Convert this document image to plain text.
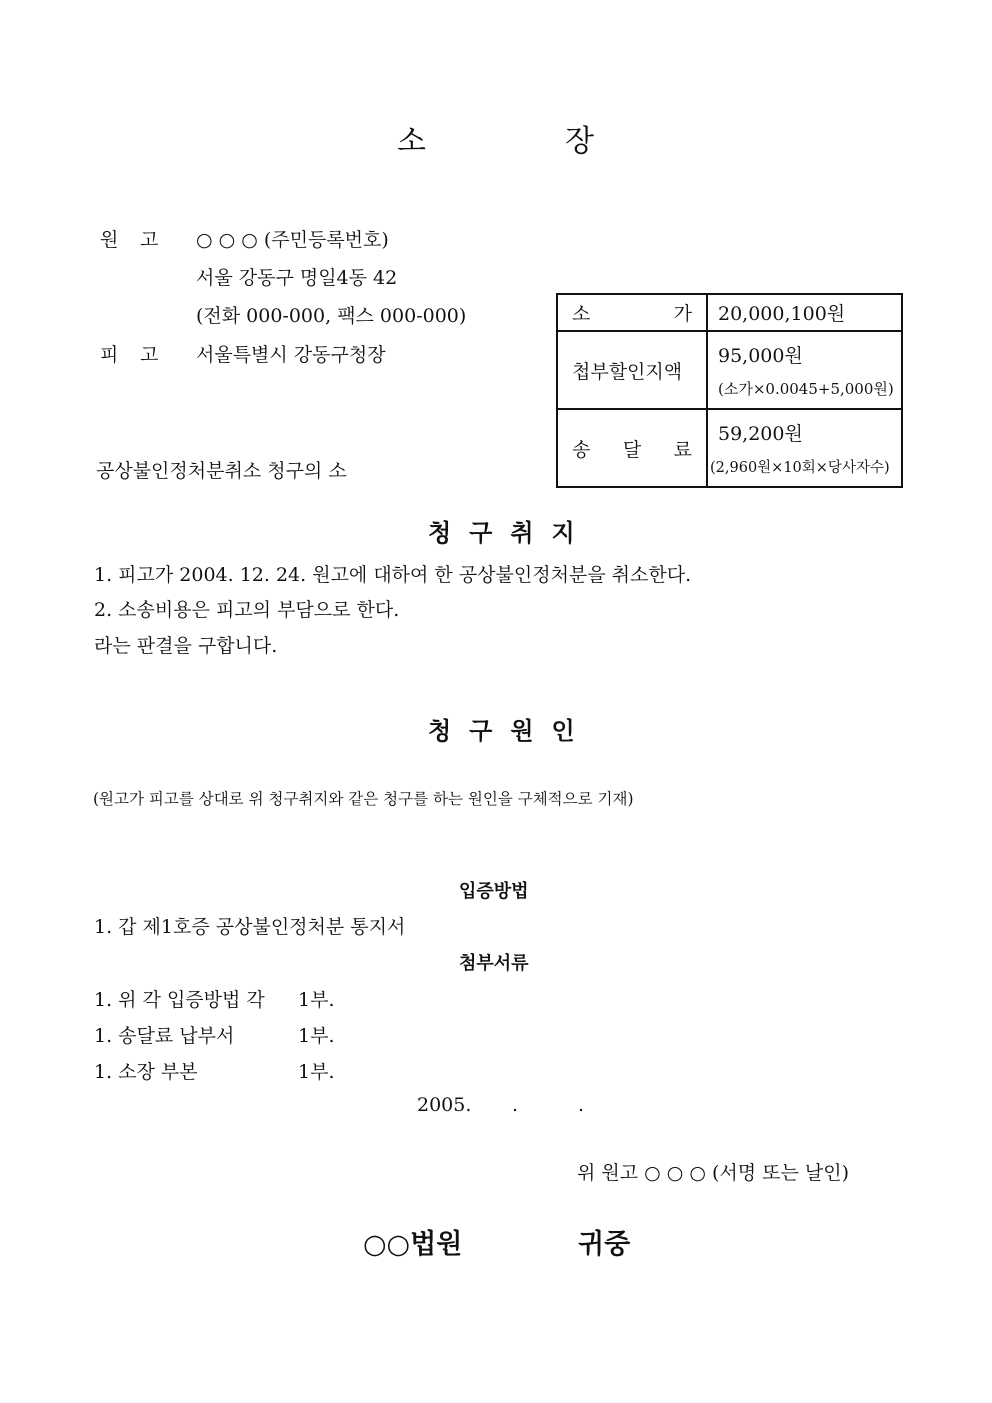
소	장
원 고 ○ ○ ○ (주민등록번호)
서울 강동구 명일4동 42
(전화 000-000, 팩스 000-000)
피 고 서울특별시 강동구청장
공상불인정처분취소 청구의 소
소 가	20,000,100원
첩부할인지액	95,000원
(소가×0.0045+5,000원)

송 달 료	59,200원
(2,960원×10회×당사자수)
청구취지
1. 피고가 2004. 12. 24. 원고에 대하여 한 공상불인정처분을 취소한다.
2. 소송비용은 피고의 부담으로 한다.
라는 판결을 구합니다.
청구원인
(원고가 피고를 상대로 위 청구취지와 같은 청구를 하는 원인을 구체적으로 기재)
입증방법
1. 갑 제1호증 공상불인정처분 통지서
첨부서류
1. 위 각 입증방법 각 1부.
1. 송달료 납부서	1부.
1. 소장 부본	1부.
2005. .	.
위 원고 ○ ○ ○ (서명 또는 날인)
○○법원	귀중
